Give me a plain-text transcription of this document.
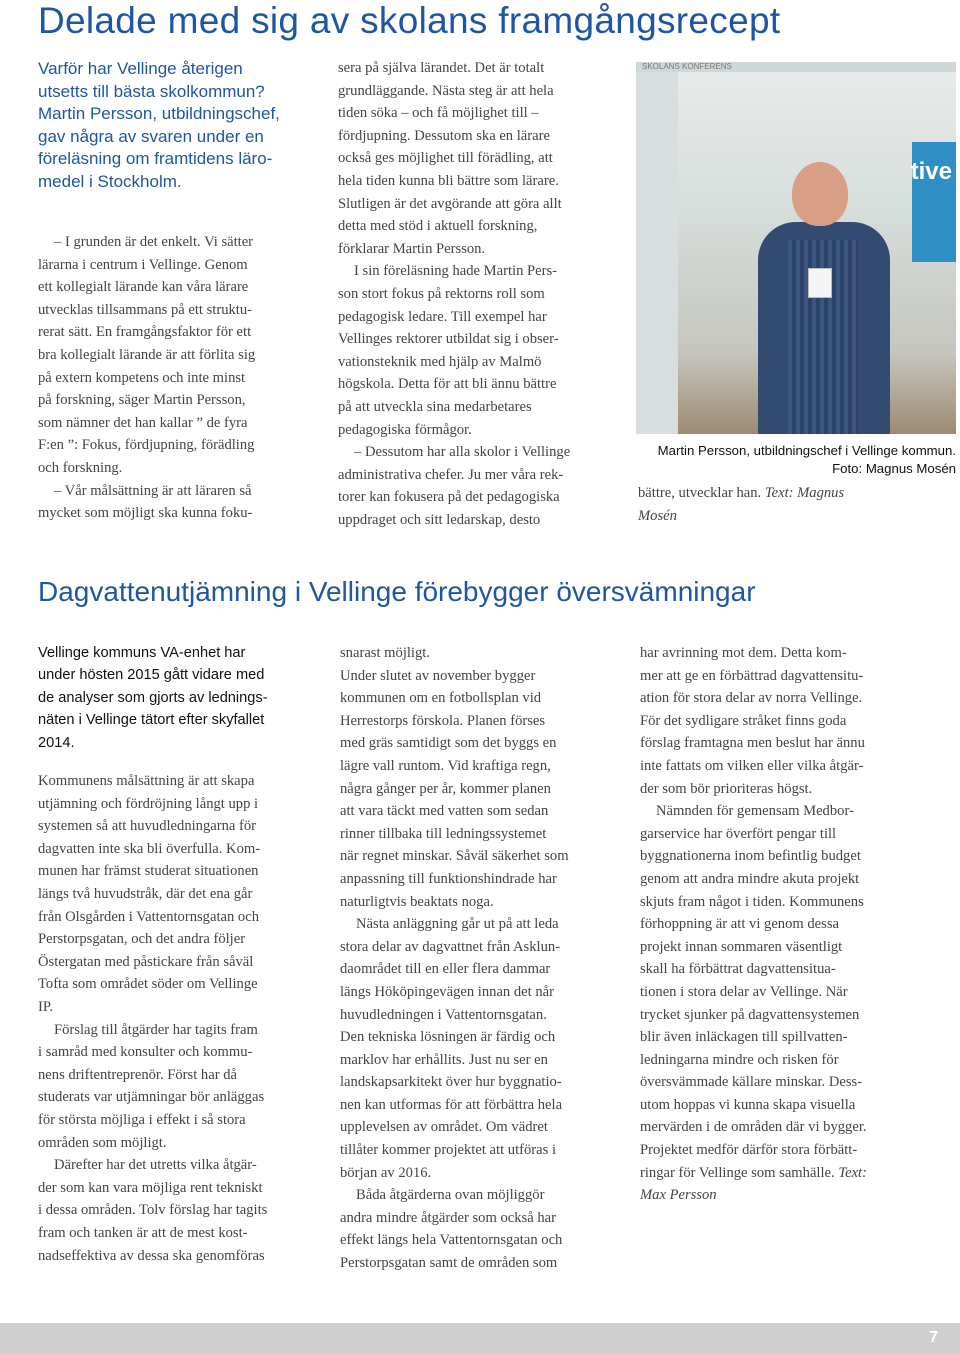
Delade med sig av skolans framgångsrecept

Varför har Vellinge återigen

utsetts till bästa skolkommun?

Martin Persson, utbildningschef,

gav några av svaren under en

föreläsning om framtidens läro-

medel i Stockholm.

– I grunden är det enkelt. Vi sätter

lärarna i centrum i Vellinge. Genom

ett kollegialt lärande kan våra lärare

utvecklas tillsammans på ett struktu-

rerat sätt. En framgångsfaktor för ett

bra kollegialt lärande är att förlita sig

på extern kompetens och inte minst

på forskning, säger Martin Persson,

som nämner det han kallar ” de fyra

F:en ”: Fokus, fördjupning, förädling

och forskning.

– Vår målsättning är att läraren så

mycket som möjligt ska kunna foku-

sera på själva lärandet. Det är totalt

grundläggande. Nästa steg är att hela

tiden söka – och få möjlighet till –

fördjupning. Dessutom ska en lärare

också ges möjlighet till förädling, att

hela tiden kunna bli bättre som lärare.

Slutligen är det avgörande att göra allt

detta med stöd i aktuell forskning,

förklarar Martin Persson.

I sin föreläsning hade Martin Pers-

son stort fokus på rektorns roll som

pedagogisk ledare. Till exempel har

Vellinges rektorer utbildat sig i obser-

vationsteknik med hjälp av Malmö

högskola. Detta för att bli ännu bättre

på att utveckla sina medarbetares

pedagogiska förmågor.

– Dessutom har alla skolor i Vellinge

administrativa chefer. Ju mer våra rek-

torer kan fokusera på det pedagogiska

uppdraget och sitt ledarskap, desto

SKOLANS KONFERENS
tive

Martin Persson, utbildningschef i Vellinge kommun.

Foto: Magnus Mosén

bättre, utvecklar han. Text: Magnus

Mosén

Dagvattenutjämning i Vellinge förebygger översvämningar

Vellinge kommuns VA-enhet har
under hösten 2015 gått vidare med
de analyser som gjorts av lednings-
näten i Vellinge tätort efter skyfallet
2014.

Kommunens målsättning är att skapa

utjämning och fördröjning långt upp i

systemen så att huvudledningarna för

dagvatten inte ska bli överfulla. Kom-

munen har främst studerat situationen

längs två huvudstråk, där det ena går

från Olsgården i Vattentornsgatan och

Perstorpsgatan, och det andra följer

Östergatan med påstickare från såväl

Tofta som området söder om Vellinge

IP.

Förslag till åtgärder har tagits fram

i samråd med konsulter och kommu-

nens driftentreprenör. Först har då

studerats var utjämningar bör anläggas

för största möjliga i effekt i så stora

områden som möjligt.

Därefter har det utretts vilka åtgär-

der som kan vara möjliga rent tekniskt

i dessa områden. Tolv förslag har tagits

fram och tanken är att de mest kost-

nadseffektiva av dessa ska genomföras

snarast möjligt.

Under slutet av november bygger

kommunen om en fotbollsplan vid

Herrestorps förskola. Planen förses

med gräs samtidigt som det byggs en

lägre vall runtom. Vid kraftiga regn,

några gånger per år, kommer planen

att vara täckt med vatten som sedan

rinner tillbaka till ledningssystemet

när regnet minskar. Såväl säkerhet som

anpassning till funktionshindrade har

naturligtvis beaktats noga.

Nästa anläggning går ut på att leda

stora delar av dagvattnet från Asklun-

daområdet till en eller flera dammar

längs Hököpingevägen innan det når

huvudledningen i Vattentornsgatan.

Den tekniska lösningen är färdig och

marklov har erhållits. Just nu ser en

landskapsarkitekt över hur byggnatio-

nen kan utformas för att förbättra hela

upplevelsen av området. Om vädret

tillåter kommer projektet att utföras i

början av 2016.

Båda åtgärderna ovan möjliggör

andra mindre åtgärder som också har

effekt längs hela Vattentornsgatan och

Perstorpsgatan samt de områden som

har avrinning mot dem. Detta kom-

mer att ge en förbättrad dagvattensitu-

ation för stora delar av norra Vellinge.

För det sydligare stråket finns goda

förslag framtagna men beslut har ännu

inte fattats om vilken eller vilka åtgär-

der som bör prioriteras högst.

Nämnden för gemensam Medbor-

garservice har överfört pengar till

byggnationerna inom befintlig budget

genom att andra mindre akuta projekt

skjuts fram något i tiden. Kommunens

förhoppning är att vi genom dessa

projekt innan sommaren väsentligt

skall ha förbättrat dagvattensitua-

tionen i stora delar av Vellinge. När

trycket sjunker på dagvattensystemen

blir även inläckagen till spillvatten-

ledningarna mindre och risken för

översvämmade källare minskar. Dess-

utom hoppas vi kunna skapa visuella

mervärden i de områden där vi bygger.

Projektet medför därför stora förbätt-

ringar för Vellinge som samhälle. Text:

Max Persson

7
